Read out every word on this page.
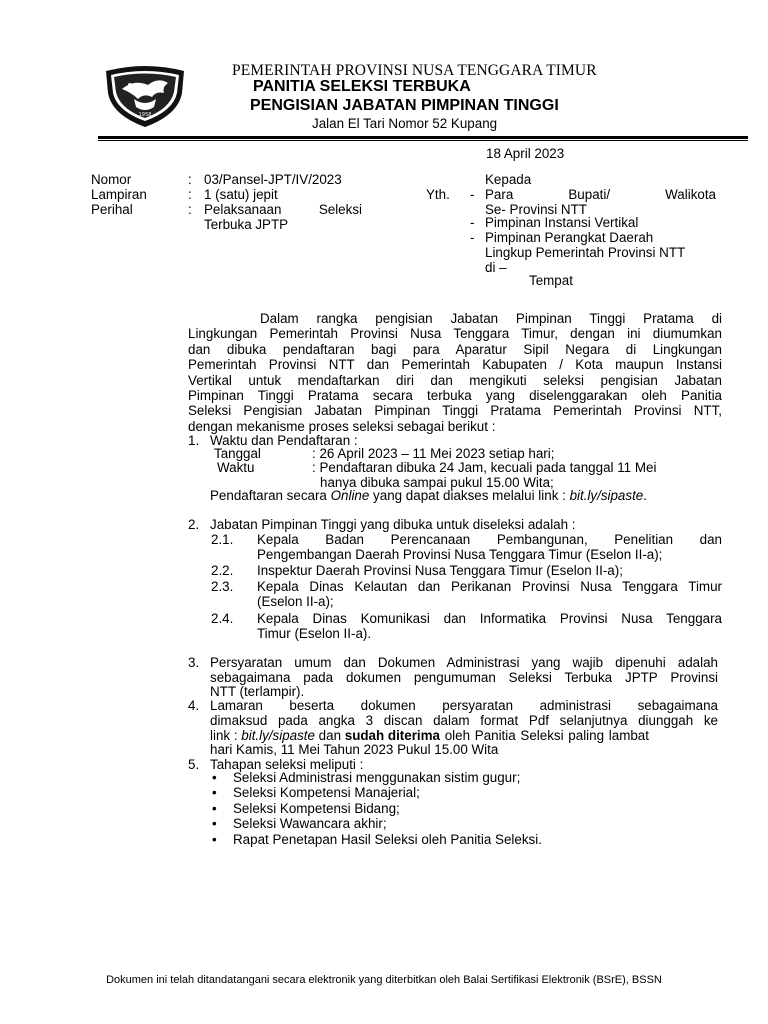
1958
PEMERINTAH PROVINSI NUSA TENGGARA TIMUR
PANITIA SELEKSI TERBUKA
PENGISIAN JABATAN PIMPINAN TINGGI
Jalan El Tari Nomor 52 Kupang
18 April 2023
Nomor	: 03/Pansel-JPT/IV/2023
Lampiran	: 1 (satu) jepit
Perihal	: Pelaksanaan Seleksi
Terbuka JPTP
Yth.
Kepada
- Para Bupati/ Walikota
Se- Provinsi NTT
- Pimpinan Instansi Vertikal
- Pimpinan Perangkat Daerah
Lingkup Pemerintah Provinsi NTT
di –
Tempat
Dalam rangka pengisian Jabatan Pimpinan Tinggi Pratama di
Lingkungan Pemerintah Provinsi Nusa Tenggara Timur, dengan ini diumumkan
dan dibuka pendaftaran bagi para Aparatur Sipil Negara di Lingkungan
Pemerintah Provinsi NTT dan Pemerintah Kabupaten / Kota maupun Instansi
Vertikal untuk mendaftarkan diri dan mengikuti seleksi pengisian Jabatan
Pimpinan Tinggi Pratama secara terbuka yang diselenggarakan oleh Panitia
Seleksi Pengisian Jabatan Pimpinan Tinggi Pratama Pemerintah Provinsi NTT,
dengan mekanisme proses seleksi sebagai berikut :
1. Waktu dan Pendaftaran :
Tanggal	: 26 April 2023 – 11 Mei 2023 setiap hari;
Waktu	: Pendaftaran dibuka 24 Jam, kecuali pada tanggal 11 Mei
hanya dibuka sampai pukul 15.00 Wita;
Pendaftaran secara Online yang dapat diakses melalui link : bit.ly/sipaste.
2. Jabatan Pimpinan Tinggi yang dibuka untuk diseleksi adalah :
2.1. Kepala Badan Perencanaan Pembangunan, Penelitian dan
Pengembangan Daerah Provinsi Nusa Tenggara Timur (Eselon II-a);
2.2. Inspektur Daerah Provinsi Nusa Tenggara Timur (Eselon II-a);
2.3. Kepala Dinas Kelautan dan Perikanan Provinsi Nusa Tenggara Timur
(Eselon II-a);
2.4. Kepala Dinas Komunikasi dan Informatika Provinsi Nusa Tenggara
Timur (Eselon II-a).
3. Persyaratan umum dan Dokumen Administrasi yang wajib dipenuhi adalah
sebagaimana pada dokumen pengumuman Seleksi Terbuka JPTP Provinsi
NTT (terlampir).
4. Lamaran beserta dokumen persyaratan administrasi sebagaimana
dimaksud pada angka 3 discan dalam format Pdf selanjutnya diunggah ke
link : bit.ly/sipaste dan sudah diterima oleh Panitia Seleksi paling lambat
hari Kamis, 11 Mei Tahun 2023 Pukul 15.00 Wita
5. Tahapan seleksi meliputi :
•	Seleksi Administrasi menggunakan sistim gugur;
•	Seleksi Kompetensi Manajerial;
•	Seleksi Kompetensi Bidang;
•	Seleksi Wawancara akhir;
•	Rapat Penetapan Hasil Seleksi oleh Panitia Seleksi.
Dokumen ini telah ditandatangani secara elektronik yang diterbitkan oleh Balai Sertifikasi Elektronik (BSrE), BSSN
